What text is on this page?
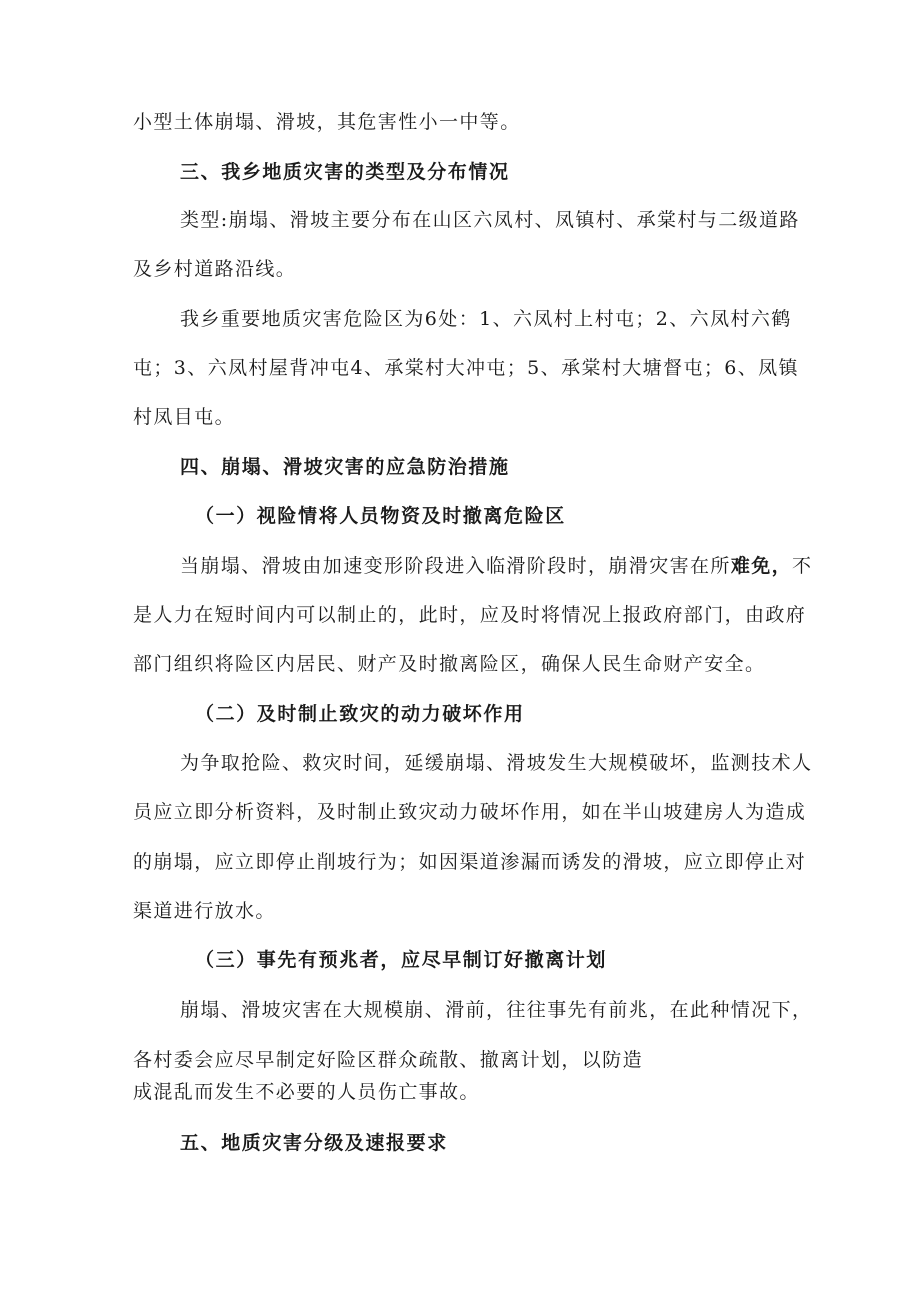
小型土体崩塌、滑坡，其危害性小一中等。
三、我乡地质灾害的类型及分布情况
类型:崩塌、滑坡主要分布在山区六凤村、凤镇村、承棠村与二级道路
及乡村道路沿线。
我乡重要地质灾害危险区为6处：1、六凤村上村屯；2、六凤村六鹤
屯；3、六凤村屋背冲屯4、承棠村大冲屯；5、承棠村大塘督屯；6、凤镇
村凤目屯。
四、崩塌、滑坡灾害的应急防治措施
（一）视险情将人员物资及时撤离危险区
当崩塌、滑坡由加速变形阶段进入临滑阶段时，崩滑灾害在所难免，不
是人力在短时间内可以制止的，此时，应及时将情况上报政府部门，由政府
部门组织将险区内居民、财产及时撤离险区，确保人民生命财产安全。
（二）及时制止致灾的动力破坏作用
为争取抢险、救灾时间，延缓崩塌、滑坡发生大规模破坏，监测技术人
员应立即分析资料，及时制止致灾动力破坏作用，如在半山坡建房人为造成
的崩塌，应立即停止削坡行为；如因渠道渗漏而诱发的滑坡，应立即停止对
渠道进行放水。
（三）事先有预兆者，应尽早制订好撤离计划
崩塌、滑坡灾害在大规模崩、滑前，往往事先有前兆，在此种情况下，
各村委会应尽早制定好险区群众疏散、撤离计划，以防造
成混乱而发生不必要的人员伤亡事故。
五、地质灾害分级及速报要求
